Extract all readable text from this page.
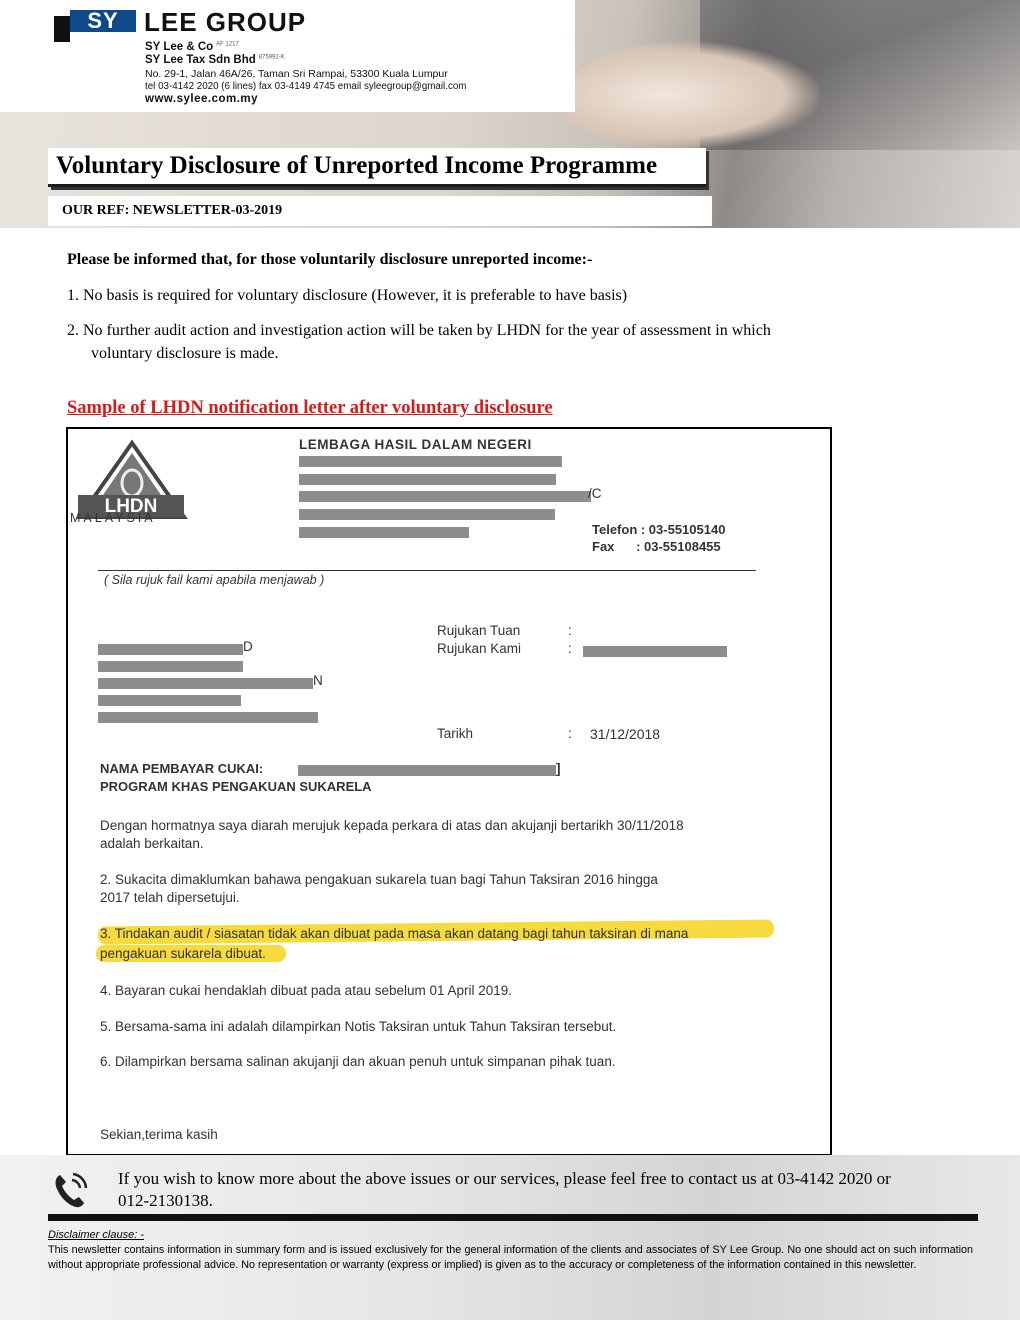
SY LEE GROUP
SY Lee & Co $^{AF 1217}$
SY Lee Tax Sdn Bhd $^{875992-K}$
No. 29-1, Jalan 46A/26, Taman Sri Rampai, 53300 Kuala Lumpur
tel 03-4142 2020 (6 lines) fax 03-4149 4745 email syleegroup@gmail.com
www.sylee.com.my
Voluntary Disclosure of Unreported Income Programme
OUR REF: NEWSLETTER-03-2019
Please be informed that, for those voluntarily disclosure unreported income:-
1. No basis is required for voluntary disclosure (However, it is preferable to have basis)
2. No further audit action and investigation action will be taken by LHDN for the year of assessment in which
voluntary disclosure is made.
Sample of LHDN notification letter after voluntary disclosure
LHDN
MALAYSIA
LEMBAGA HASIL DALAM NEGERI
/C
Telefon : 03-55105140
Fax      : 03-55108455
( Sila rujuk fail kami apabila menjawab )
Rujukan Tuan	:
Rujukan Kami	:
D
N
Tarikh	: 31/12/2018
NAMA PEMBAYAR CUKAI:	]
PROGRAM KHAS PENGAKUAN SUKARELA
Dengan hormatnya saya diarah merujuk kepada perkara di atas dan akujanji bertarikh 30/11/2018
adalah berkaitan.
2. Sukacita dimaklumkan bahawa pengakuan sukarela tuan bagi Tahun Taksiran 2016 hingga
2017 telah dipersetujui.
3. Tindakan audit / siasatan tidak akan dibuat pada masa akan datang bagi tahun taksiran di mana
pengakuan sukarela dibuat.
4. Bayaran cukai hendaklah dibuat pada atau sebelum 01 April 2019.
5. Bersama-sama ini adalah dilampirkan Notis Taksiran untuk Tahun Taksiran tersebut.
6. Dilampirkan bersama salinan akujanji dan akuan penuh untuk simpanan pihak tuan.
Sekian,terima kasih
If you wish to know more about the above issues or our services, please feel free to contact us at 03-4142 2020 or
012-2130138.
Disclaimer clause: -
This newsletter contains information in summary form and is issued exclusively for the general information of the clients and associates of SY Lee Group. No one should act on such information without appropriate professional advice. No representation or warranty (express or implied) is given as to the accuracy or completeness of the information contained in this newsletter.
